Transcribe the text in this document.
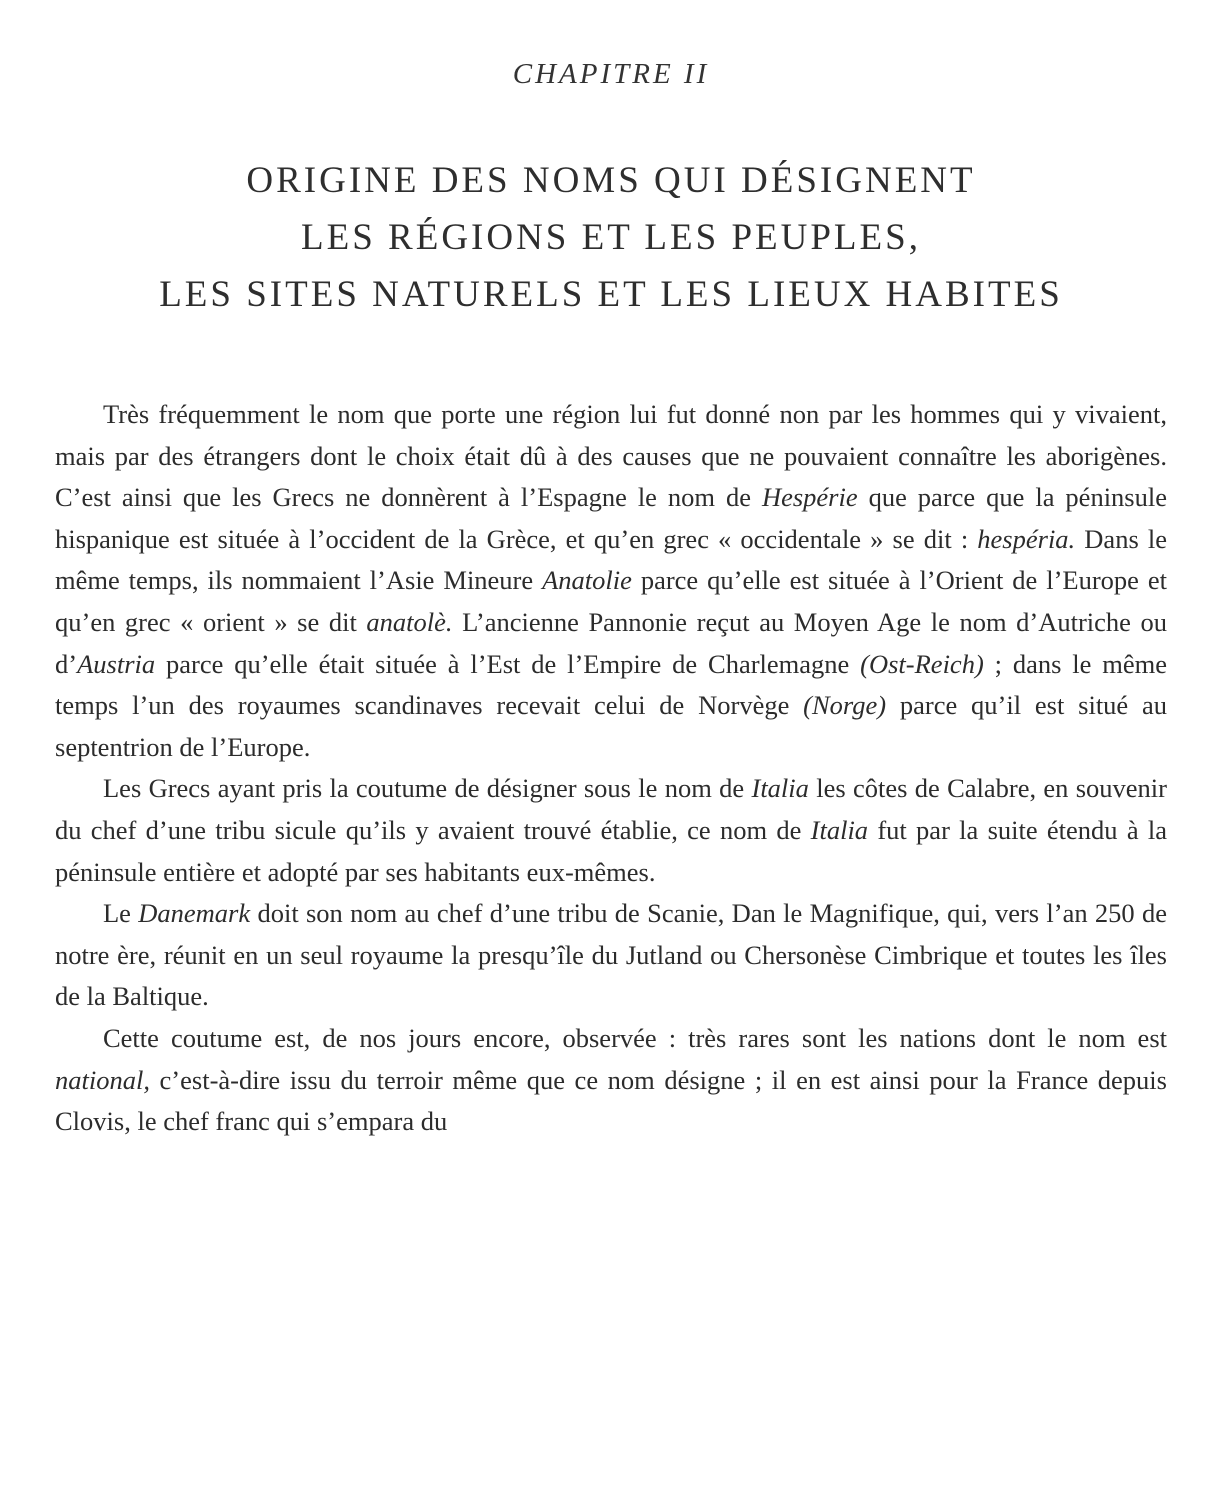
CHAPITRE II
ORIGINE DES NOMS QUI DÉSIGNENT
LES RÉGIONS ET LES PEUPLES,
LES SITES NATURELS ET LES LIEUX HABITES

Très fréquemment le nom que porte une région lui fut donné non par les hommes qui y vivaient, mais par des étrangers dont le choix était dû à des causes que ne pouvaient connaître les aborigènes. C’est ainsi que les Grecs ne donnèrent à l’Espagne le nom de Hespérie que parce que la péninsule hispanique est située à l’occident de la Grèce, et qu’en grec « occidentale » se dit : hespéria. Dans le même temps, ils nommaient l’Asie Mineure Anatolie parce qu’elle est située à l’Orient de l’Europe et qu’en grec « orient » se dit anatolè. L’ancienne Pannonie reçut au Moyen Age le nom d’Autriche ou d’Austria parce qu’elle était située à l’Est de l’Empire de Charlemagne (Ost-Reich) ; dans le même temps l’un des royaumes scandinaves recevait celui de Norvège (Norge) parce qu’il est situé au septentrion de l’Europe.

Les Grecs ayant pris la coutume de désigner sous le nom de Italia les côtes de Calabre, en souvenir du chef d’une tribu sicule qu’ils y avaient trouvé établie, ce nom de Italia fut par la suite étendu à la péninsule entière et adopté par ses habitants eux-mêmes.

Le Danemark doit son nom au chef d’une tribu de Scanie, Dan le Magnifique, qui, vers l’an 250 de notre ère, réunit en un seul royaume la presqu’île du Jutland ou Chersonèse Cimbrique et toutes les îles de la Baltique.

Cette coutume est, de nos jours encore, observée : très rares sont les nations dont le nom est national, c’est-à-dire issu du terroir même que ce nom désigne ; il en est ainsi pour la France depuis Clovis, le chef franc qui s’empara du
